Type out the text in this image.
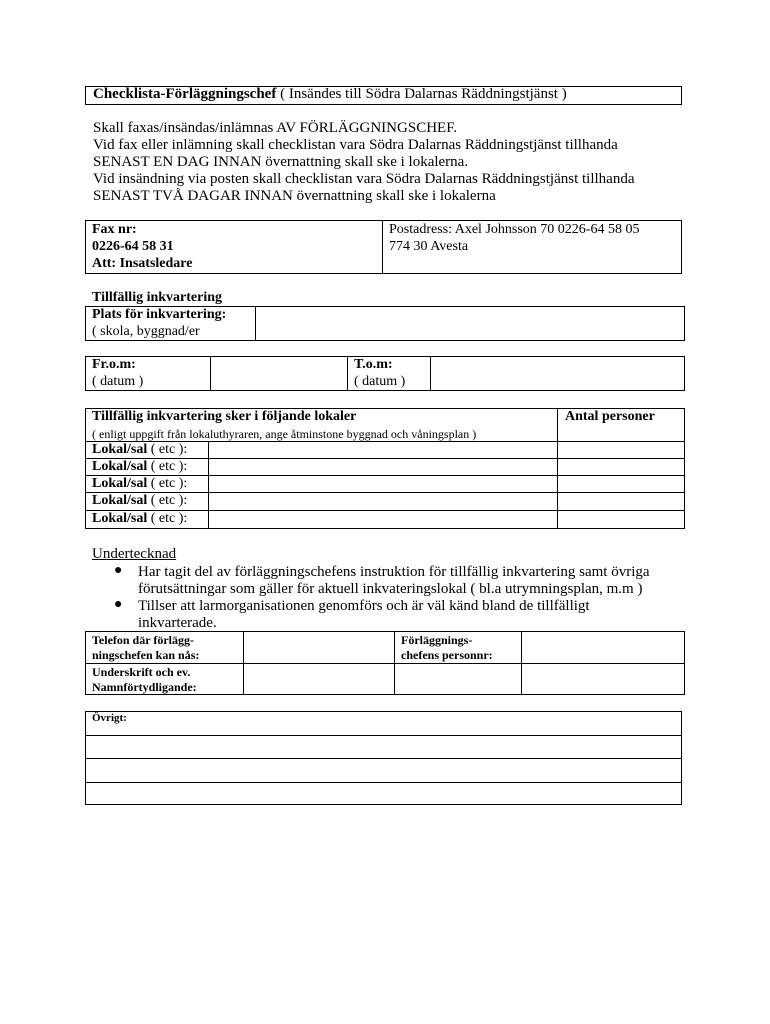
Checklista-Förläggningschef ( Insändes till Södra Dalarnas Räddningstjänst )
Skall faxas/insändas/inlämnas AV FÖRLÄGGNINGSCHEF.
Vid fax eller inlämning skall checklistan vara Södra Dalarnas Räddningstjänst tillhanda
SENAST EN DAG INNAN övernattning skall ske i lokalerna.
Vid insändning via posten skall checklistan vara Södra Dalarnas Räddningstjänst tillhanda
SENAST TVÅ DAGAR INNAN övernattning skall ske i lokalerna
Fax nr:
0226-64 58 31
Att: Insatsledare
Postadress: Axel Johnsson 70 0226-64 58 05
774 30 Avesta
Tillfällig inkvartering
Plats för inkvartering:
( skola, byggnad/er
Fr.o.m:
( datum )
T.o.m:
( datum )
Tillfällig inkvartering sker i följande lokaler
( enligt uppgift från lokaluthyraren, ange åtminstone byggnad och våningsplan )
Antal personer
Lokal/sal ( etc ):
Lokal/sal ( etc ):
Lokal/sal ( etc ):
Lokal/sal ( etc ):
Lokal/sal ( etc ):
Undertecknad
● Har tagit del av förläggningschefens instruktion för tillfällig inkvartering samt övriga
förutsättningar som gäller för aktuell inkvateringslokal ( bl.a utrymningsplan, m.m )
● Tillser att larmorganisationen genomförs och är väl känd bland de tillfälligt
inkvarterade.
Telefon där förlägg-
ningschefen kan nås:
Förläggnings-
chefens personnr:
Underskrift och ev.
Namnförtydligande:
Övrigt:
